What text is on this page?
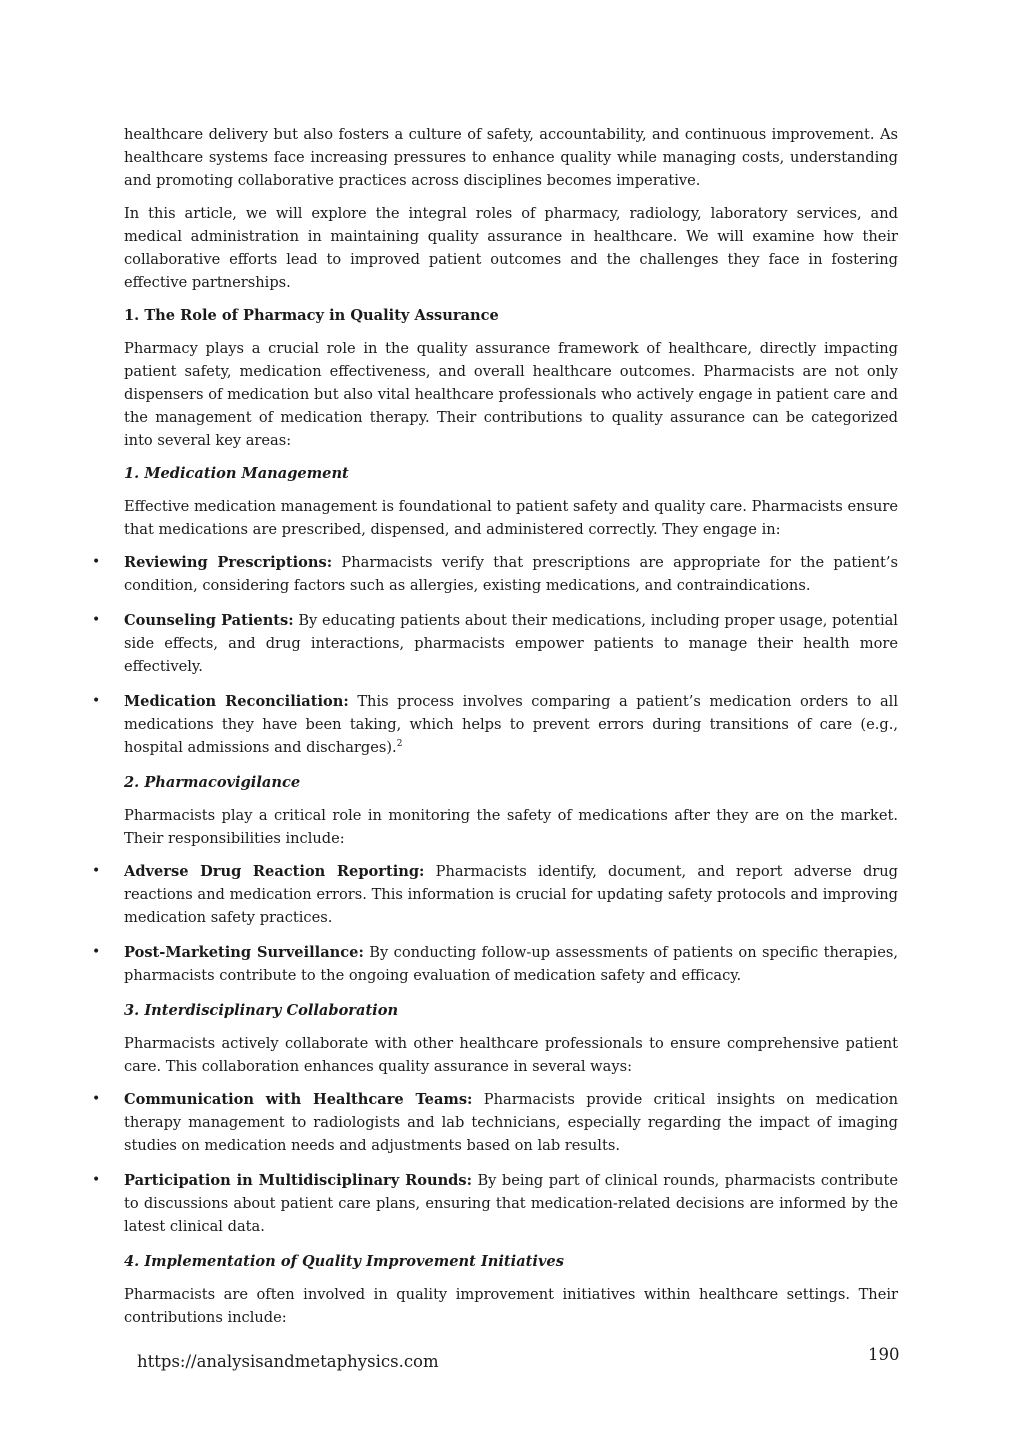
healthcare delivery but also fosters a culture of safety, accountability, and continuous improvement. As healthcare systems face increasing pressures to enhance quality while managing costs, understanding and promoting collaborative practices across disciplines becomes imperative.

In this article, we will explore the integral roles of pharmacy, radiology, laboratory services, and medical administration in maintaining quality assurance in healthcare. We will examine how their collaborative efforts lead to improved patient outcomes and the challenges they face in fostering effective partnerships.

1. The Role of Pharmacy in Quality Assurance

Pharmacy plays a crucial role in the quality assurance framework of healthcare, directly impacting patient safety, medication effectiveness, and overall healthcare outcomes. Pharmacists are not only dispensers of medication but also vital healthcare professionals who actively engage in patient care and the management of medication therapy. Their contributions to quality assurance can be categorized into several key areas:

1. Medication Management

Effective medication management is foundational to patient safety and quality care. Pharmacists ensure that medications are prescribed, dispensed, and administered correctly. They engage in:

• Reviewing Prescriptions: Pharmacists verify that prescriptions are appropriate for the patient’s condition, considering factors such as allergies, existing medications, and contraindications.
• Counseling Patients: By educating patients about their medications, including proper usage, potential side effects, and drug interactions, pharmacists empower patients to manage their health more effectively.
• Medication Reconciliation: This process involves comparing a patient’s medication orders to all medications they have been taking, which helps to prevent errors during transitions of care (e.g., hospital admissions and discharges).$^2$
2. Pharmacovigilance

Pharmacists play a critical role in monitoring the safety of medications after they are on the market. Their responsibilities include:

• Adverse Drug Reaction Reporting: Pharmacists identify, document, and report adverse drug reactions and medication errors. This information is crucial for updating safety protocols and improving medication safety practices.
• Post-Marketing Surveillance: By conducting follow-up assessments of patients on specific therapies, pharmacists contribute to the ongoing evaluation of medication safety and efficacy.
3. Interdisciplinary Collaboration

Pharmacists actively collaborate with other healthcare professionals to ensure comprehensive patient care. This collaboration enhances quality assurance in several ways:

• Communication with Healthcare Teams: Pharmacists provide critical insights on medication therapy management to radiologists and lab technicians, especially regarding the impact of imaging studies on medication needs and adjustments based on lab results.
• Participation in Multidisciplinary Rounds: By being part of clinical rounds, pharmacists contribute to discussions about patient care plans, ensuring that medication-related decisions are informed by the latest clinical data.
4. Implementation of Quality Improvement Initiatives

Pharmacists are often involved in quality improvement initiatives within healthcare settings. Their contributions include:

https://analysisandmetaphysics.com	190
